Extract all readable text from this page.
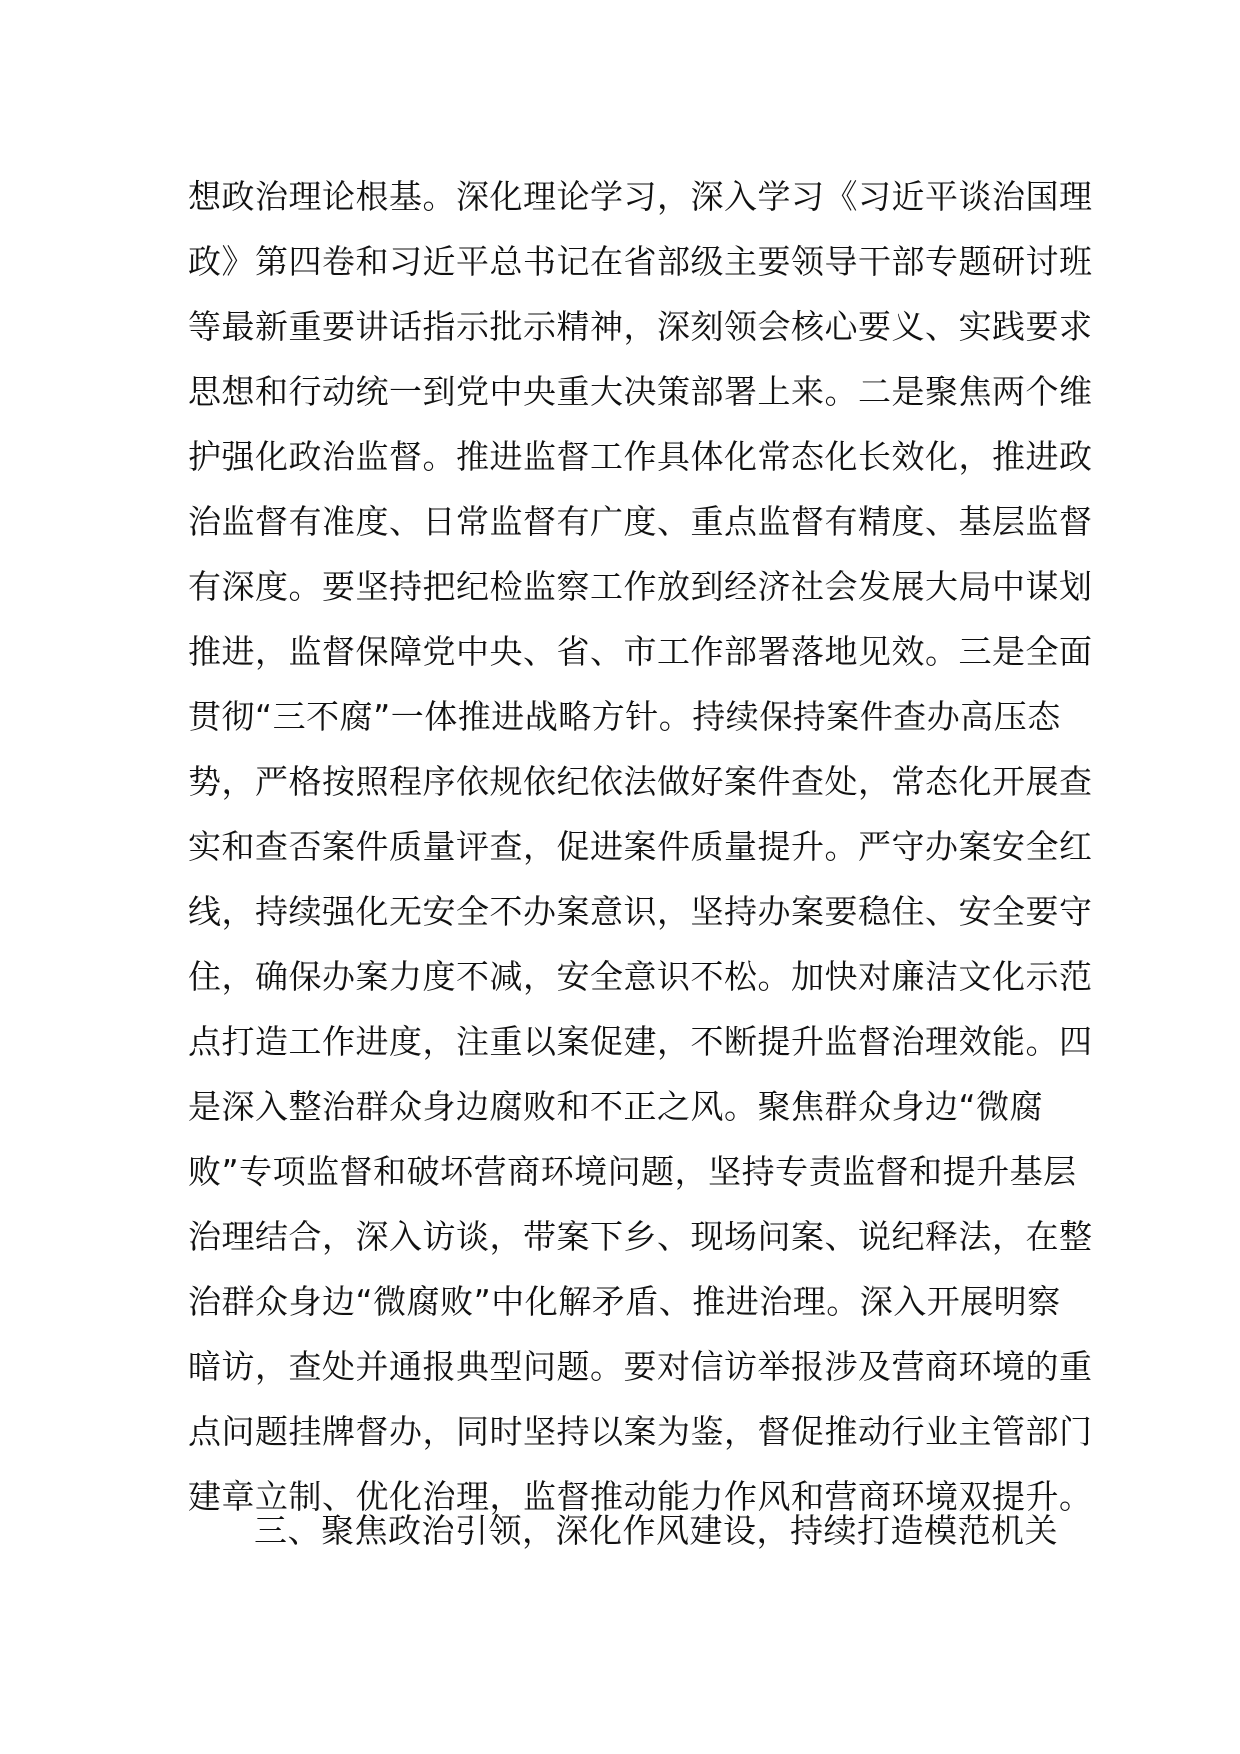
想政治理论根基。深化理论学习，深入学习《习近平谈治国理
政》第四卷和习近平总书记在省部级主要领导干部专题研讨班
等最新重要讲话指示批示精神，深刻领会核心要义、实践要求
思想和行动统一到党中央重大决策部署上来。二是聚焦两个维
护强化政治监督。推进监督工作具体化常态化长效化，推进政
治监督有准度、日常监督有广度、重点监督有精度、基层监督
有深度。要坚持把纪检监察工作放到经济社会发展大局中谋划
推进，监督保障党中央、省、市工作部署落地见效。三是全面
贯彻“三不腐”一体推进战略方针。持续保持案件查办高压态
势，严格按照程序依规依纪依法做好案件查处，常态化开展查
实和查否案件质量评查，促进案件质量提升。严守办案安全红
线，持续强化无安全不办案意识，坚持办案要稳住、安全要守
住，确保办案力度不减，安全意识不松。加快对廉洁文化示范
点打造工作进度，注重以案促建，不断提升监督治理效能。四
是深入整治群众身边腐败和不正之风。聚焦群众身边“微腐
败”专项监督和破坏营商环境问题，坚持专责监督和提升基层
治理结合，深入访谈，带案下乡、现场问案、说纪释法，在整
治群众身边“微腐败”中化解矛盾、推进治理。深入开展明察
暗访，查处并通报典型问题。要对信访举报涉及营商环境的重
点问题挂牌督办，同时坚持以案为鉴，督促推动行业主管部门
建章立制、优化治理，监督推动能力作风和营商环境双提升。

三、聚焦政治引领，深化作风建设，持续打造模范机关
